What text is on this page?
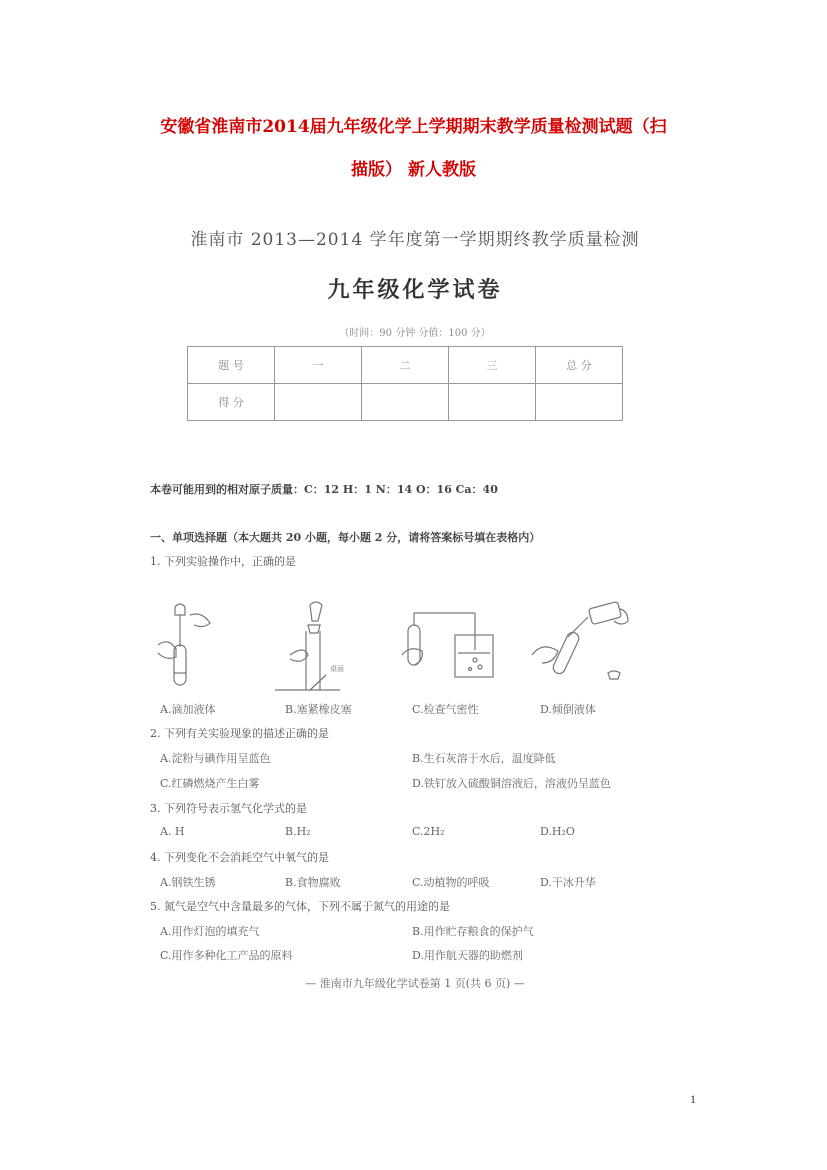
安徽省淮南市2014届九年级化学上学期期末教学质量检测试题（扫
描版） 新人教版
淮南市 2013—2014 学年度第一学期期终教学质量检测
九年级化学试卷
（时间：90 分钟 分值：100 分）
题 号	一	二	三	总 分
得 分				
本卷可能用到的相对原子质量：C：12 H：1 N：14 O：16 Ca：40
一、单项选择题（本大题共 20 小题，每小题 2 分，请将答案标号填在表格内）
1. 下列实验操作中，正确的是
桌面
A.滴加液体	B.塞紧橡皮塞	C.检查气密性	D.倾倒液体
2. 下列有关实验现象的描述正确的是
A.淀粉与碘作用呈蓝色	B.生石灰溶于水后，温度降低
C.红磷燃烧产生白雾	D.铁钉放入硫酸铜溶液后，溶液仍呈蓝色
3. 下列符号表示氢气化学式的是
A. H	B.H₂	C.2H₂	D.H₂O
4. 下列变化不会消耗空气中氧气的是
A.钢铁生锈	B.食物腐败	C.动植物的呼吸	D.干冰升华
5. 氮气是空气中含量最多的气体，下列不属于氮气的用途的是
A.用作灯泡的填充气	B.用作贮存粮食的保护气
C.用作多种化工产品的原料	D.用作航天器的助燃剂
— 淮南市九年级化学试卷第 1 页(共 6 页) —
1
